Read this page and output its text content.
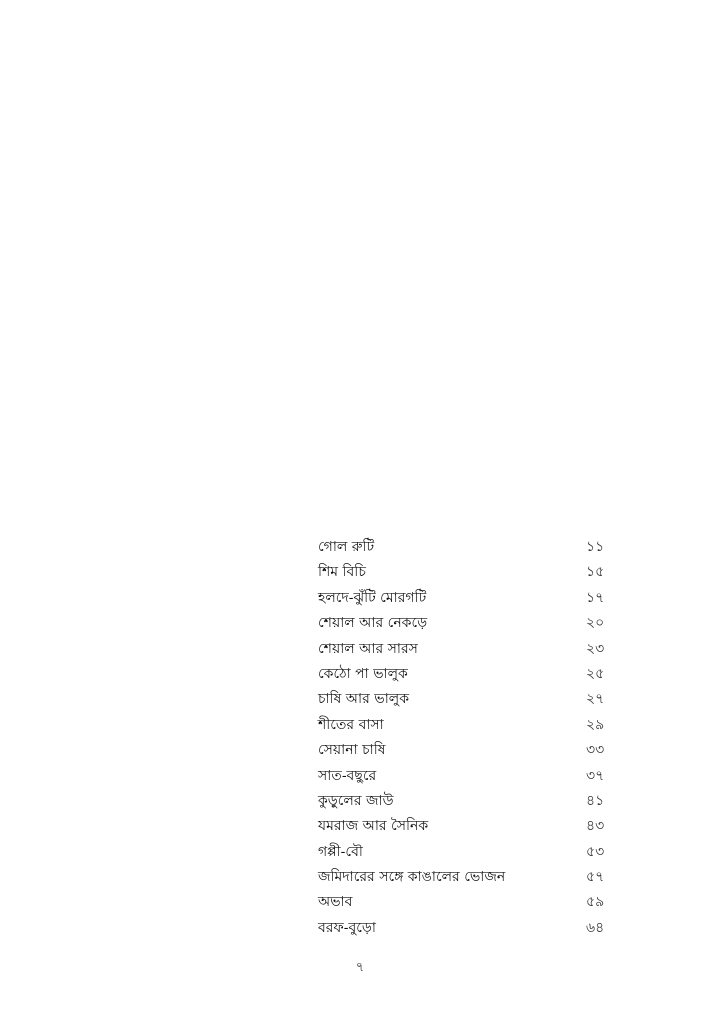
গোল রুটি	১১
শিম বিচি	১৫
হলদে-ঝুঁটি মোরগটি	১৭
শেয়াল আর নেকড়ে	২০
শেয়াল আর সারস	২৩
কেঠো পা ভালুক	২৫
চাষি আর ভালুক	২৭
শীতের বাসা	২৯
সেয়ানা চাষি	৩৩
সাত-বছুরে	৩৭
কুড়ুলের জাউ	৪১
যমরাজ আর সৈনিক	৪৩
গপ্পী-বৌ	৫৩
জমিদারের সঙ্গে কাঙালের ভোজন	৫৭
অভাব	৫৯
বরফ-বুড়ো	৬৪
৭
